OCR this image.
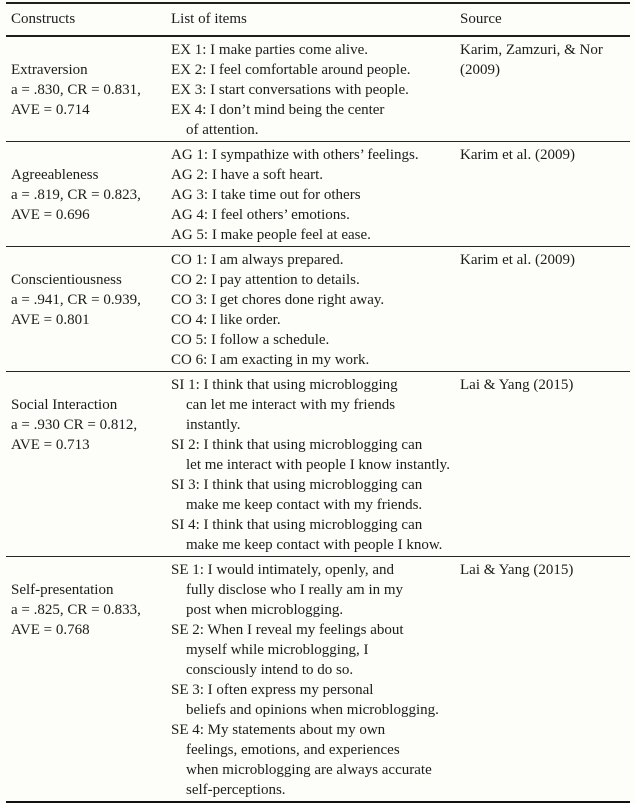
Constructs	List of items	Source
Extraversion
a = .830, CR = 0.831,
AVE = 0.714
EX 1: I make parties come alive.
EX 2: I feel comfortable around people.
EX 3: I start conversations with people.
EX 4: I don’t mind being the center
of attention.
Karim, Zamzuri, & Nor
(2009)
Agreeableness
a = .819, CR = 0.823,
AVE = 0.696
AG 1: I sympathize with others’ feelings.
AG 2: I have a soft heart.
AG 3: I take time out for others
AG 4: I feel others’ emotions.
AG 5: I make people feel at ease.
Karim et al. (2009)
Conscientiousness
a = .941, CR = 0.939,
AVE = 0.801
CO 1: I am always prepared.
CO 2: I pay attention to details.
CO 3: I get chores done right away.
CO 4: I like order.
CO 5: I follow a schedule.
CO 6: I am exacting in my work.
Karim et al. (2009)
Social Interaction
a = .930 CR = 0.812,
AVE = 0.713
SI 1: I think that using microblogging
can let me interact with my friends
instantly.
SI 2: I think that using microblogging can
let me interact with people I know instantly.
SI 3: I think that using microblogging can
make me keep contact with my friends.
SI 4: I think that using microblogging can
make me keep contact with people I know.
Lai & Yang (2015)
Self-presentation
a = .825, CR = 0.833,
AVE = 0.768
SE 1: I would intimately, openly, and
fully disclose who I really am in my
post when microblogging.
SE 2: When I reveal my feelings about
myself while microblogging, I
consciously intend to do so.
SE 3: I often express my personal
beliefs and opinions when microblogging.
SE 4: My statements about my own
feelings, emotions, and experiences
when microblogging are always accurate
self-perceptions.
Lai & Yang (2015)
